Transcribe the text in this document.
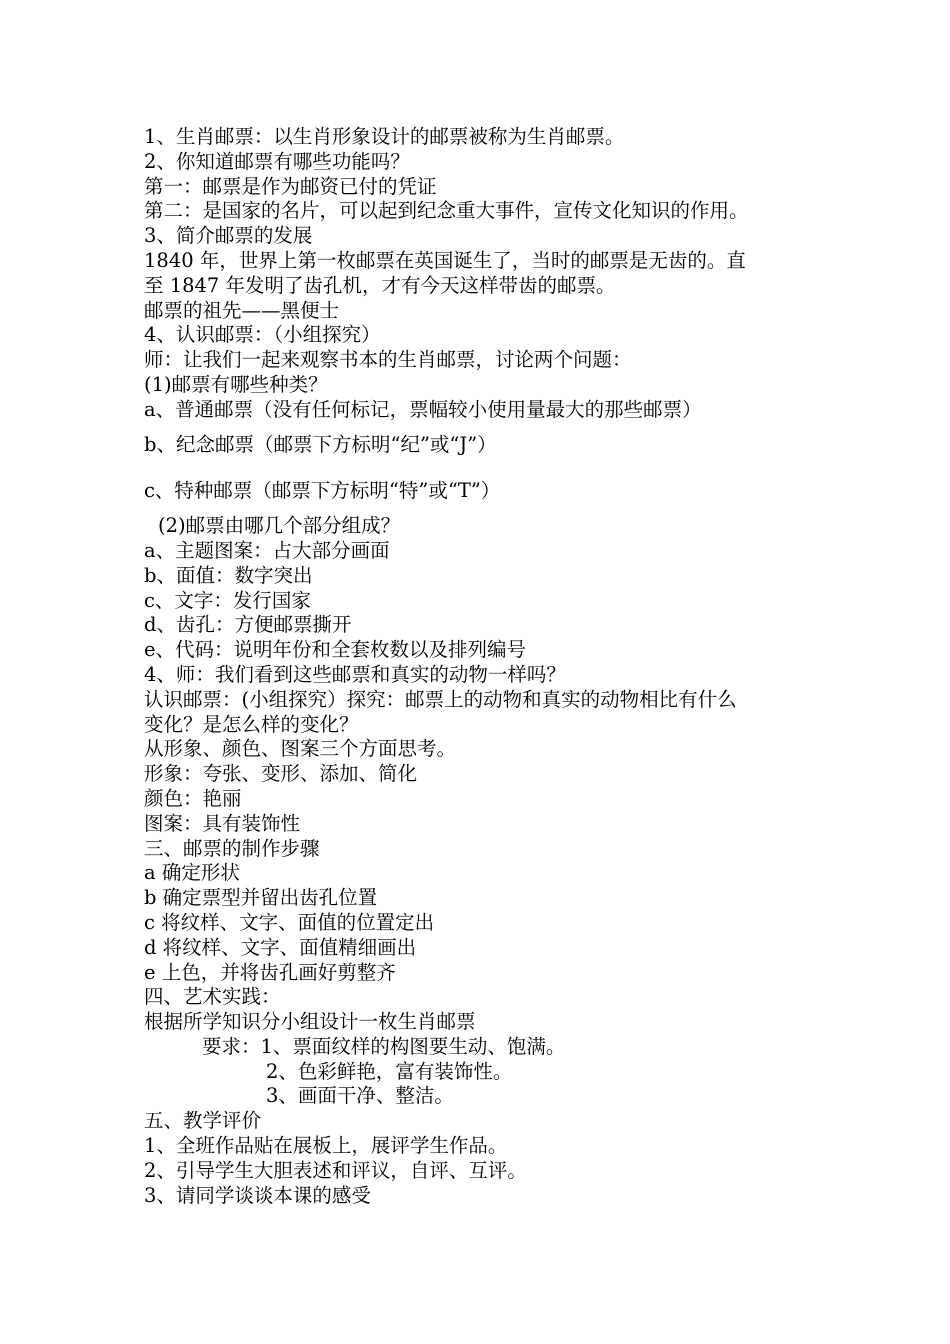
1、生肖邮票：以生肖形象设计的邮票被称为生肖邮票。
2、你知道邮票有哪些功能吗？
第一：邮票是作为邮资已付的凭证
第二：是国家的名片，可以起到纪念重大事件，宣传文化知识的作用。
3、简介邮票的发展
1840 年，世界上第一枚邮票在英国诞生了，当时的邮票是无齿的。直
至 1847 年发明了齿孔机，才有今天这样带齿的邮票。
邮票的祖先——黑便士
4、认识邮票：（小组探究）
师：让我们一起来观察书本的生肖邮票，讨论两个问题：
(1)邮票有哪些种类？
a、普通邮票（没有任何标记，票幅较小使用量最大的那些邮票）
b、纪念邮票（邮票下方标明“纪”或“J”）
c、特种邮票（邮票下方标明“特”或“T”）
(2)邮票由哪几个部分组成？
a、主题图案：占大部分画面
b、面值：数字突出
c、文字：发行国家
d、齿孔：方便邮票撕开
e、代码：说明年份和全套枚数以及排列编号
4、师：我们看到这些邮票和真实的动物一样吗？
认识邮票：(小组探究）探究：邮票上的动物和真实的动物相比有什么
变化？是怎么样的变化？
从形象、颜色、图案三个方面思考。
形象：夸张、变形、添加、简化
颜色：艳丽
图案：具有装饰性
三、邮票的制作步骤
a 确定形状
b 确定票型并留出齿孔位置
c 将纹样、文字、面值的位置定出
d 将纹样、文字、面值精细画出
e 上色，并将齿孔画好剪整齐
四、艺术实践：
根据所学知识分小组设计一枚生肖邮票
要求：1、票面纹样的构图要生动、饱满。
2、色彩鲜艳，富有装饰性。
3、画面干净、整洁。
五、教学评价
1、全班作品贴在展板上，展评学生作品。
2、引导学生大胆表述和评议，自评、互评。
3、请同学谈谈本课的感受
